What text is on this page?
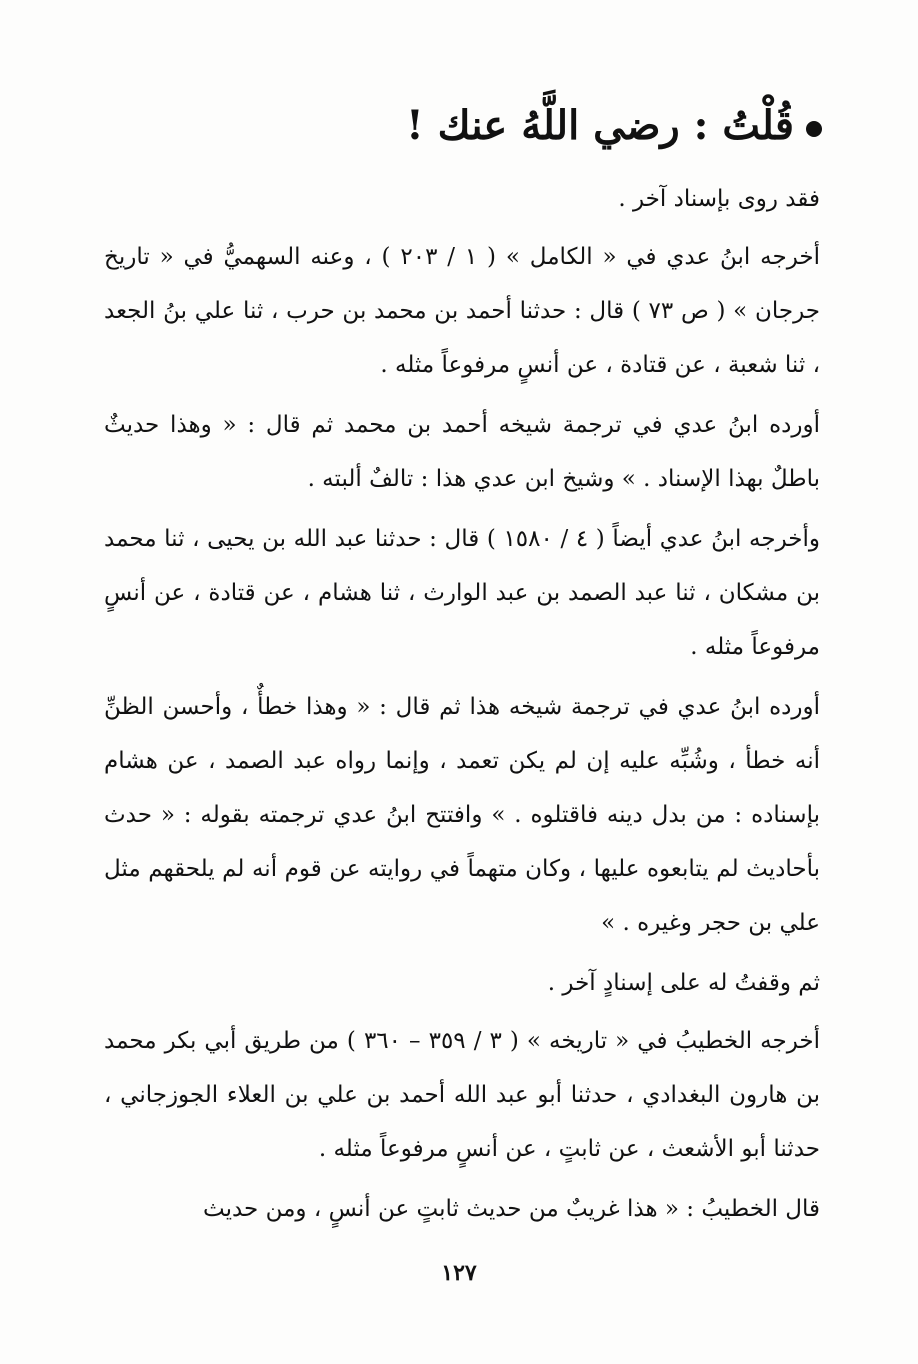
قُلْتُ : رضي اللَّهُ عنك !

فقد روى بإسناد آخر .

أخرجه ابنُ عدي في « الكامل » ( ١ / ٢٠٣ ) ، وعنه السهميُّ في « تاريخ جرجان » ( ص ٧٣ ) قال : حدثنا أحمد بن محمد بن حرب ، ثنا علي بنُ الجعد ، ثنا شعبة ، عن قتادة ، عن أنسٍ مرفوعاً مثله .

أورده ابنُ عدي في ترجمة شيخه أحمد بن محمد ثم قال : « وهذا حديثٌ باطلٌ بهذا الإسناد . » وشيخ ابن عدي هذا : تالفٌ ألبته .

وأخرجه ابنُ عدي أيضاً ( ٤ / ١٥٨٠ ) قال : حدثنا عبد الله بن يحيى ، ثنا محمد بن مشكان ، ثنا عبد الصمد بن عبد الوارث ، ثنا هشام ، عن قتادة ، عن أنسٍ مرفوعاً مثله .

أورده ابنُ عدي في ترجمة شيخه هذا ثم قال : « وهذا خطأٌ ، وأحسن الظنِّ أنه خطأ ، وشُبِّه عليه إن لم يكن تعمد ، وإنما رواه عبد الصمد ، عن هشام بإسناده : من بدل دينه فاقتلوه . » وافتتح ابنُ عدي ترجمته بقوله : « حدث بأحاديث لم يتابعوه عليها ، وكان متهماً في روايته عن قوم أنه لم يلحقهم مثل علي بن حجر وغيره . »

ثم وقفتُ له على إسنادٍ آخر .

أخرجه الخطيبُ في « تاريخه » ( ٣ / ٣٥٩ – ٣٦٠ ) من طريق أبي بكر محمد بن هارون البغدادي ، حدثنا أبو عبد الله أحمد بن علي بن العلاء الجوزجاني ، حدثنا أبو الأشعث ، عن ثابتٍ ، عن أنسٍ مرفوعاً مثله .

قال الخطيبُ : « هذا غريبٌ من حديث ثابتٍ عن أنسٍ ، ومن حديث

١٢٧
